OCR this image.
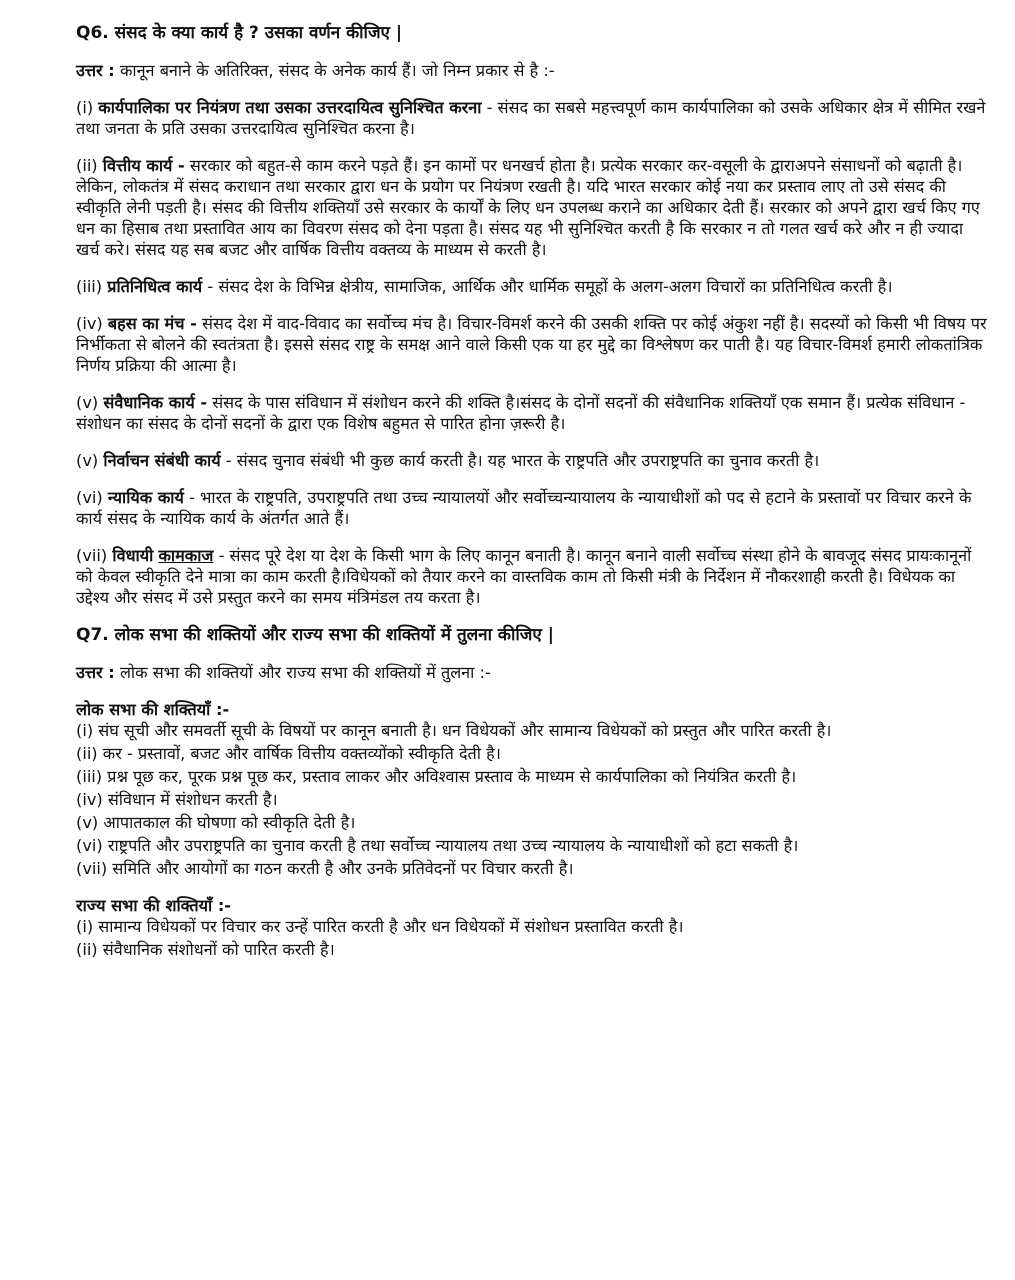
Q6. संसद के क्या कार्य है ? उसका वर्णन कीजिए |

उत्तर : कानून बनाने के अतिरिक्त, संसद के अनेक कार्य हैं। जो निम्न प्रकार से है :-

(i) कार्यपालिका पर नियंत्रण तथा उसका उत्तरदायित्व सुनिश्चित करना - संसद का सबसे महत्त्वपूर्ण काम कार्यपालिका को उसके अधिकार क्षेत्र में सीमित रखने तथा जनता के प्रति उसका उत्तरदायित्व सुनिश्चित करना है।

(ii) वित्तीय कार्य - सरकार को बहुत-से काम करने पड़ते हैं। इन कामों पर धनखर्च होता है। प्रत्येक सरकार कर-वसूली के द्वाराअपने संसाधनों को बढ़ाती है। लेकिन, लोकतंत्र में संसद कराधान तथा सरकार द्वारा धन के प्रयोग पर नियंत्रण रखती है। यदि भारत सरकार कोई नया कर प्रस्ताव लाए तो उसे संसद की स्वीकृति लेनी पड़ती है। संसद की वित्तीय शक्तियाँ उसे सरकार के कार्यों के लिए धन उपलब्ध कराने का अधिकार देती हैं। सरकार को अपने द्वारा खर्च किए गए धन का हिसाब तथा प्रस्तावित आय का विवरण संसद को देना पड़ता है। संसद यह भी सुनिश्चित करती है कि सरकार न तो गलत खर्च करे और न ही ज्यादा खर्च करे। संसद यह सब बजट और वार्षिक वित्तीय वक्तव्य के माध्यम से करती है।

(iii) प्रतिनिधित्व कार्य - संसद देश के विभिन्न क्षेत्रीय, सामाजिक, आर्थिक और धार्मिक समूहों के अलग-अलग विचारों का प्रतिनिधित्व करती है।

(iv) बहस का मंच - संसद देश में वाद-विवाद का सर्वोच्च मंच है। विचार-विमर्श करने की उसकी शक्ति पर कोई अंकुश नहीं है। सदस्यों को किसी भी विषय पर निर्भीकता से बोलने की स्वतंत्रता है। इससे संसद राष्ट्र के समक्ष आने वाले किसी एक या हर मुद्दे का विश्लेषण कर पाती है। यह विचार-विमर्श हमारी लोकतांत्रिक निर्णय प्रक्रिया की आत्मा है।

(v) संवैधानिक कार्य - संसद के पास संविधान में संशोधन करने की शक्ति है।संसद के दोनों सदनों की संवैधानिक शक्तियाँ एक समान हैं। प्रत्येक संविधान - संशोधन का संसद के दोनों सदनों के द्वारा एक विशेष बहुमत से पारित होना ज़रूरी है।

(v) निर्वाचन संबंधी कार्य - संसद चुनाव संबंधी भी कुछ कार्य करती है। यह भारत के राष्ट्रपति और उपराष्ट्रपति का चुनाव करती है।

(vi) न्यायिक कार्य - भारत के राष्ट्रपति, उपराष्ट्रपति तथा उच्च न्यायालयों और सर्वोच्चन्यायालय के न्यायाधीशों को पद से हटाने के प्रस्तावों पर विचार करने के कार्य संसद के न्यायिक कार्य के अंतर्गत आते हैं।

(vii) विधायी कामकाज - संसद पूरे देश या देश के किसी भाग के लिए कानून बनाती है। कानून बनाने वाली सर्वोच्च संस्था होने के बावजूद संसद प्रायःकानूनों को केवल स्वीकृति देने मात्रा का काम करती है।विधेयकों को तैयार करने का वास्तविक काम तो किसी मंत्री के निर्देशन में नौकरशाही करती है। विधेयक का उद्देश्य और संसद में उसे प्रस्तुत करने का समय मंत्रिमंडल तय करता है।

Q7. लोक सभा की शक्तियों और राज्य सभा की शक्तियों में तुलना कीजिए |

उत्तर : लोक सभा की शक्तियों और राज्य सभा की शक्तियों में तुलना :-

लोक सभा की शक्तियाँ :-

(i) संघ सूची और समवर्ती सूची के विषयों पर कानून बनाती है। धन विधेयकों और सामान्य विधेयकों को प्रस्तुत और पारित करती है।
(ii) कर - प्रस्तावों, बजट और वार्षिक वित्तीय वक्तव्योंको स्वीकृति देती है।
(iii) प्रश्न पूछ कर, पूरक प्रश्न पूछ कर, प्रस्ताव लाकर और अविश्वास प्रस्ताव के माध्यम से कार्यपालिका को नियंत्रित करती है।
(iv) संविधान में संशोधन करती है।
(v) आपातकाल की घोषणा को स्वीकृति देती है।
(vi) राष्ट्रपति और उपराष्ट्रपति का चुनाव करती है तथा सर्वोच्च न्यायालय तथा उच्च न्यायालय के न्यायाधीशों को हटा सकती है।
(vii) समिति और आयोगों का गठन करती है और उनके प्रतिवेदनों पर विचार करती है।

राज्य सभा की शक्तियाँ :-

(i) सामान्य विधेयकों पर विचार कर उन्हें पारित करती है और धन विधेयकों में संशोधन प्रस्तावित करती है।
(ii) संवैधानिक संशोधनों को पारित करती है।
